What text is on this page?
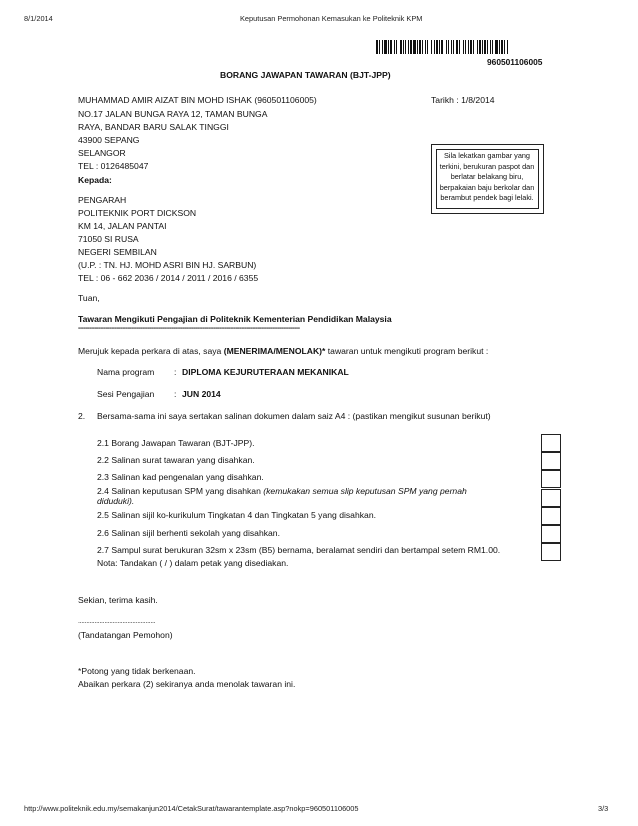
8/1/2014	Keputusan Permohonan Kemasukan ke Politeknik KPM
960501106005
BORANG JAWAPAN TAWARAN (BJT-JPP)
MUHAMMAD AMIR AIZAT BIN MOHD ISHAK (960501106005)	Tarikh : 1/8/2014
NO.17 JALAN BUNGA RAYA 12, TAMAN BUNGA
RAYA, BANDAR BARU SALAK TINGGI
43900 SEPANG
SELANGOR
TEL : 0126485047
Sila lekatkan gambar yang terkini, berukuran paspot dan berlatar belakang biru, berpakaian baju berkolar dan berambut pendek bagi lelaki.
Kepada:
PENGARAH
POLITEKNIK PORT DICKSON
KM 14, JALAN PANTAI
71050 SI RUSA
NEGERI SEMBILAN
(U.P. : TN. HJ. MOHD ASRI BIN HJ. SARBUN)
TEL : 06 - 662 2036 / 2014 / 2011 / 2016 / 6355
Tuan,
Tawaran Mengikuti Pengajian di Politeknik Kementerian Pendidikan Malaysia
-------------------------------------------------------------------------------------------------------------------------
Merujuk kepada perkara di atas, saya (MENERIMA/MENOLAK)* tawaran untuk mengikuti program berikut :
Nama program : DIPLOMA KEJURUTERAAN MEKANIKAL
Sesi Pengajian : JUN 2014
2. Bersama-sama ini saya sertakan salinan dokumen dalam saiz A4 : (pastikan mengikut susunan berikut)
2.1 Borang Jawapan Tawaran (BJT-JPP).
2.2 Salinan surat tawaran yang disahkan.
2.3 Salinan kad pengenalan yang disahkan.
2.4 Salinan keputusan SPM yang disahkan (kemukakan semua slip keputusan SPM yang pernah
diduduki).
2.5 Salinan sijil ko-kurikulum Tingkatan 4 dan Tingkatan 5 yang disahkan.
2.6 Salinan sijil berhenti sekolah yang disahkan.
2.7 Sampul surat berukuran 32sm x 23sm (B5) bernama, beralamat sendiri dan bertampal setem RM1.00.
Nota: Tandakan ( / ) dalam petak yang disediakan.
Sekian, terima kasih.
...............................................
(Tandatangan Pemohon)
*Potong yang tidak berkenaan.
Abaikan perkara (2) sekiranya anda menolak tawaran ini.
http://www.politeknik.edu.my/semakanjun2014/CetakSurat/tawarantemplate.asp?nokp=960501106005	3/3
